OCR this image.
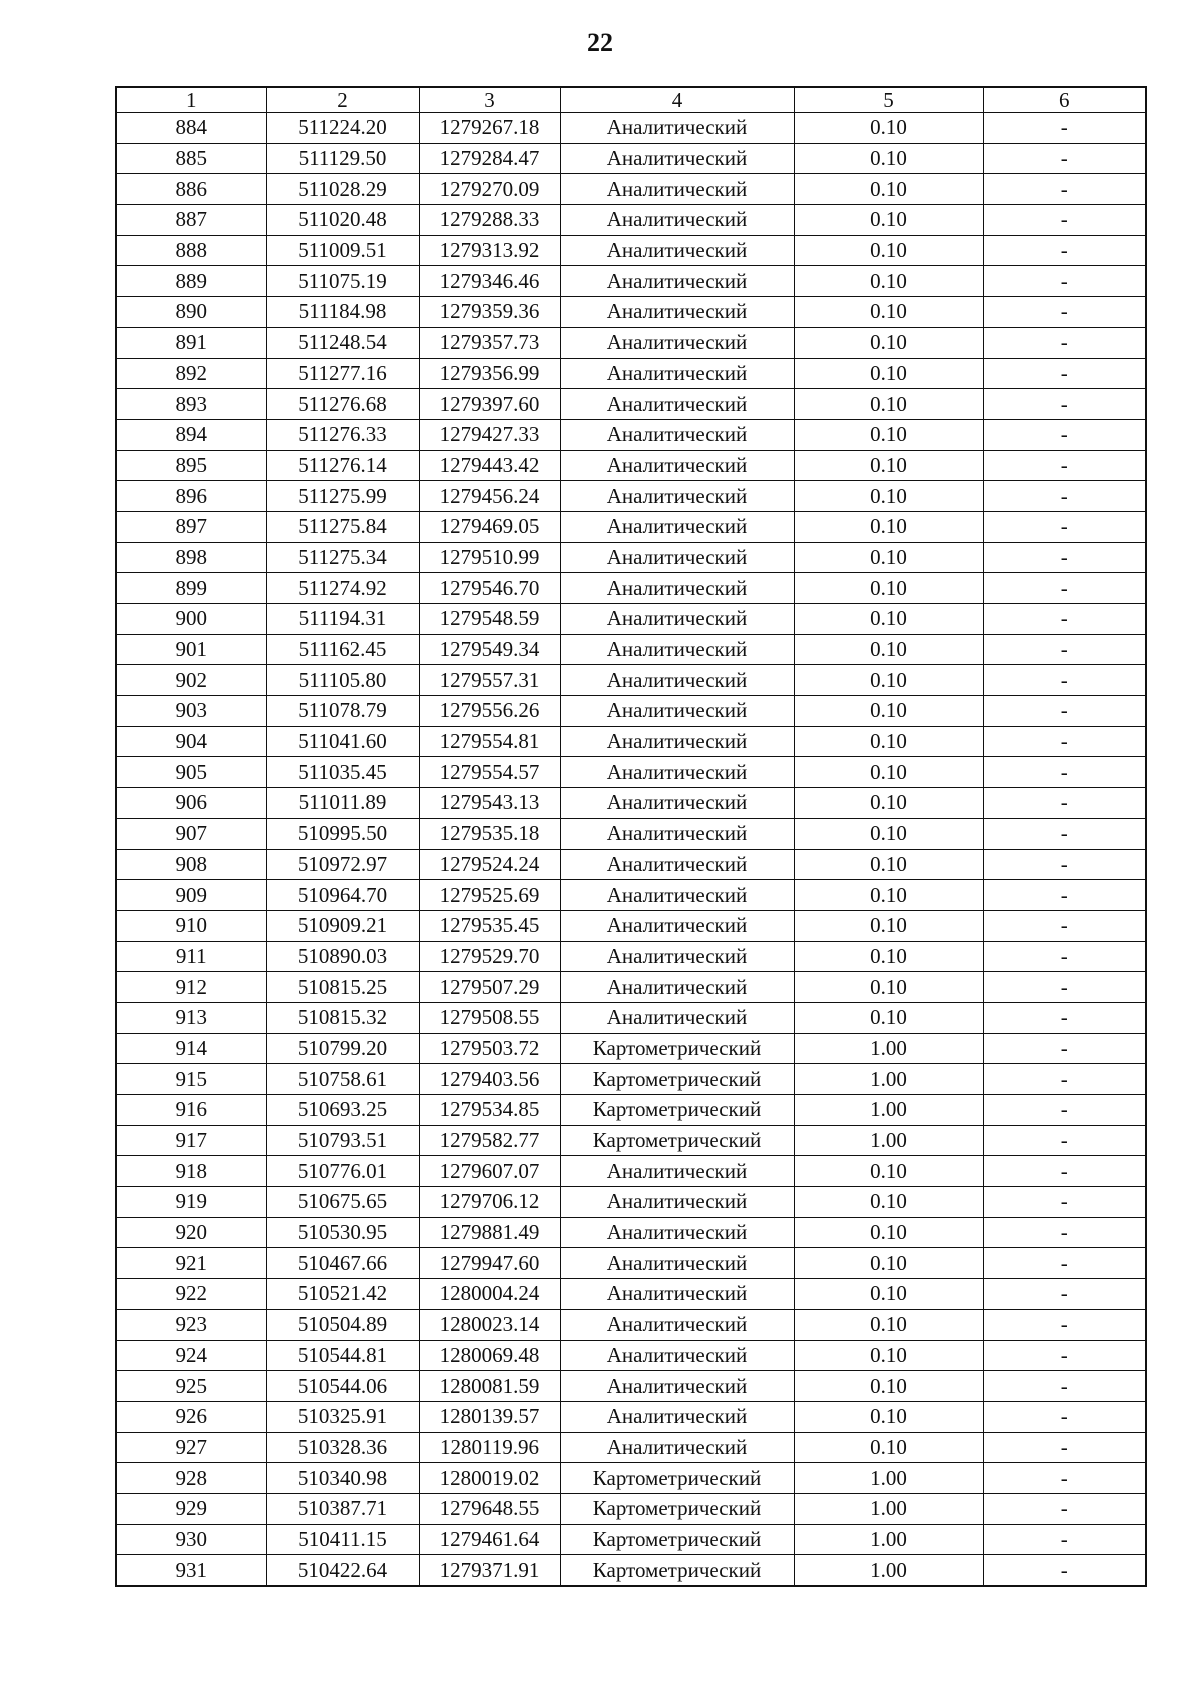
22
1	2	3	4	5	6
884	511224.20	1279267.18	Аналитический	0.10	-
885	511129.50	1279284.47	Аналитический	0.10	-
886	511028.29	1279270.09	Аналитический	0.10	-
887	511020.48	1279288.33	Аналитический	0.10	-
888	511009.51	1279313.92	Аналитический	0.10	-
889	511075.19	1279346.46	Аналитический	0.10	-
890	511184.98	1279359.36	Аналитический	0.10	-
891	511248.54	1279357.73	Аналитический	0.10	-
892	511277.16	1279356.99	Аналитический	0.10	-
893	511276.68	1279397.60	Аналитический	0.10	-
894	511276.33	1279427.33	Аналитический	0.10	-
895	511276.14	1279443.42	Аналитический	0.10	-
896	511275.99	1279456.24	Аналитический	0.10	-
897	511275.84	1279469.05	Аналитический	0.10	-
898	511275.34	1279510.99	Аналитический	0.10	-
899	511274.92	1279546.70	Аналитический	0.10	-
900	511194.31	1279548.59	Аналитический	0.10	-
901	511162.45	1279549.34	Аналитический	0.10	-
902	511105.80	1279557.31	Аналитический	0.10	-
903	511078.79	1279556.26	Аналитический	0.10	-
904	511041.60	1279554.81	Аналитический	0.10	-
905	511035.45	1279554.57	Аналитический	0.10	-
906	511011.89	1279543.13	Аналитический	0.10	-
907	510995.50	1279535.18	Аналитический	0.10	-
908	510972.97	1279524.24	Аналитический	0.10	-
909	510964.70	1279525.69	Аналитический	0.10	-
910	510909.21	1279535.45	Аналитический	0.10	-
911	510890.03	1279529.70	Аналитический	0.10	-
912	510815.25	1279507.29	Аналитический	0.10	-
913	510815.32	1279508.55	Аналитический	0.10	-
914	510799.20	1279503.72	Картометрический	1.00	-
915	510758.61	1279403.56	Картометрический	1.00	-
916	510693.25	1279534.85	Картометрический	1.00	-
917	510793.51	1279582.77	Картометрический	1.00	-
918	510776.01	1279607.07	Аналитический	0.10	-
919	510675.65	1279706.12	Аналитический	0.10	-
920	510530.95	1279881.49	Аналитический	0.10	-
921	510467.66	1279947.60	Аналитический	0.10	-
922	510521.42	1280004.24	Аналитический	0.10	-
923	510504.89	1280023.14	Аналитический	0.10	-
924	510544.81	1280069.48	Аналитический	0.10	-
925	510544.06	1280081.59	Аналитический	0.10	-
926	510325.91	1280139.57	Аналитический	0.10	-
927	510328.36	1280119.96	Аналитический	0.10	-
928	510340.98	1280019.02	Картометрический	1.00	-
929	510387.71	1279648.55	Картометрический	1.00	-
930	510411.15	1279461.64	Картометрический	1.00	-
931	510422.64	1279371.91	Картометрический	1.00	-
